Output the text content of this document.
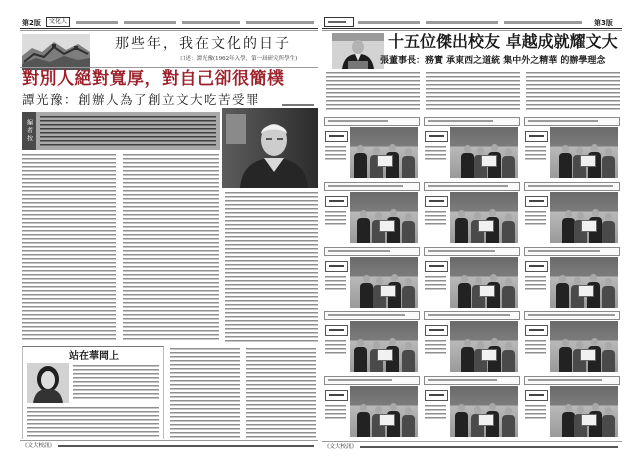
第2版	文化人
那些年，我在文化的日子
口述：譚光豫(1962年入學，第一屆研究所學生)
對別人絕對寬厚，對自己卻很簡樸
譚光豫：創辦人為了創立文大吃苦受罪
編者按
站在華岡上
《文大校訊》
第3版
十五位傑出校友 卓越成就耀文大
張董事長：務實 承東西之道統 集中外之精華 的辦學理念
《文大校訊》
